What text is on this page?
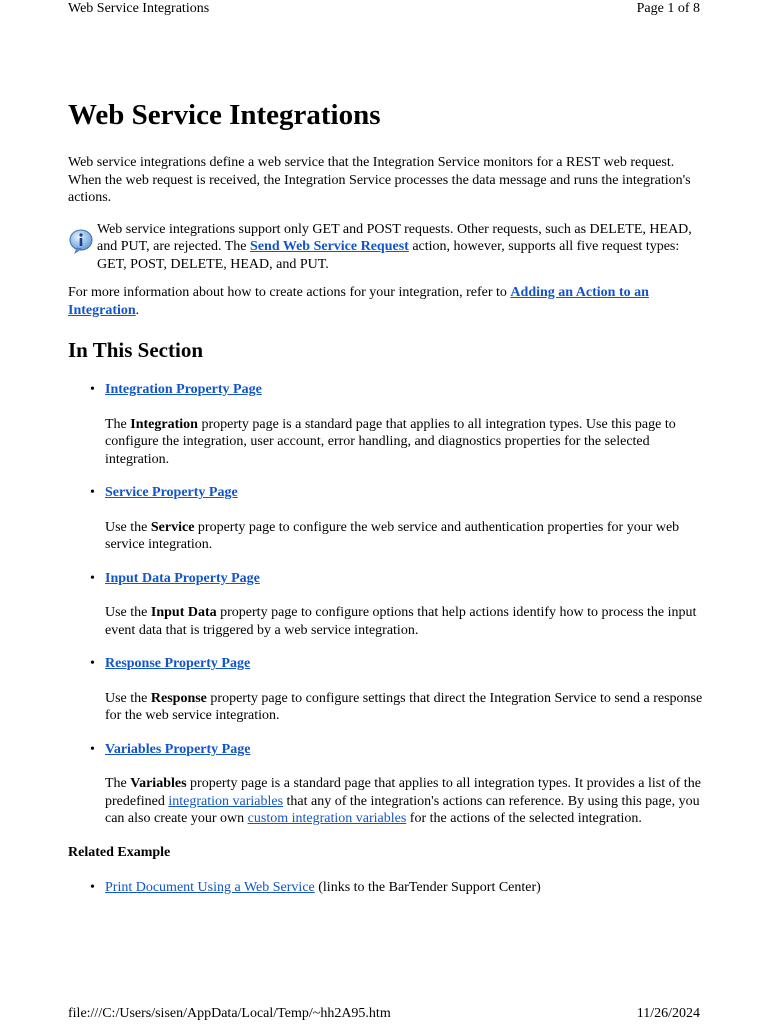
Web Service Integrations	Page 1 of 8
Web Service Integrations

Web service integrations define a web service that the Integration Service monitors for a REST web request. When the web request is received, the Integration Service processes the data message and runs the integration's actions.

Web service integrations support only GET and POST requests. Other requests, such as DELETE, HEAD, and PUT, are rejected. The Send Web Service Request action, however, supports all five request types: GET, POST, DELETE, HEAD, and PUT.

For more information about how to create actions for your integration, refer to Adding an Action to an Integration.

In This Section
• Integration Property Page

The Integration property page is a standard page that applies to all integration types. Use this page to configure the integration, user account, error handling, and diagnostics properties for the selected integration.

• Service Property Page

Use the Service property page to configure the web service and authentication properties for your web service integration.

• Input Data Property Page

Use the Input Data property page to configure options that help actions identify how to process the input event data that is triggered by a web service integration.

• Response Property Page

Use the Response property page to configure settings that direct the Integration Service to send a response for the web service integration.

• Variables Property Page

The Variables property page is a standard page that applies to all integration types. It provides a list of the predefined integration variables that any of the integration's actions can reference. By using this page, you can also create your own custom integration variables for the actions of the selected integration.

Related Example
• Print Document Using a Web Service (links to the BarTender Support Center)
file:///C:/Users/sisen/AppData/Local/Temp/~hh2A95.htm	11/26/2024
